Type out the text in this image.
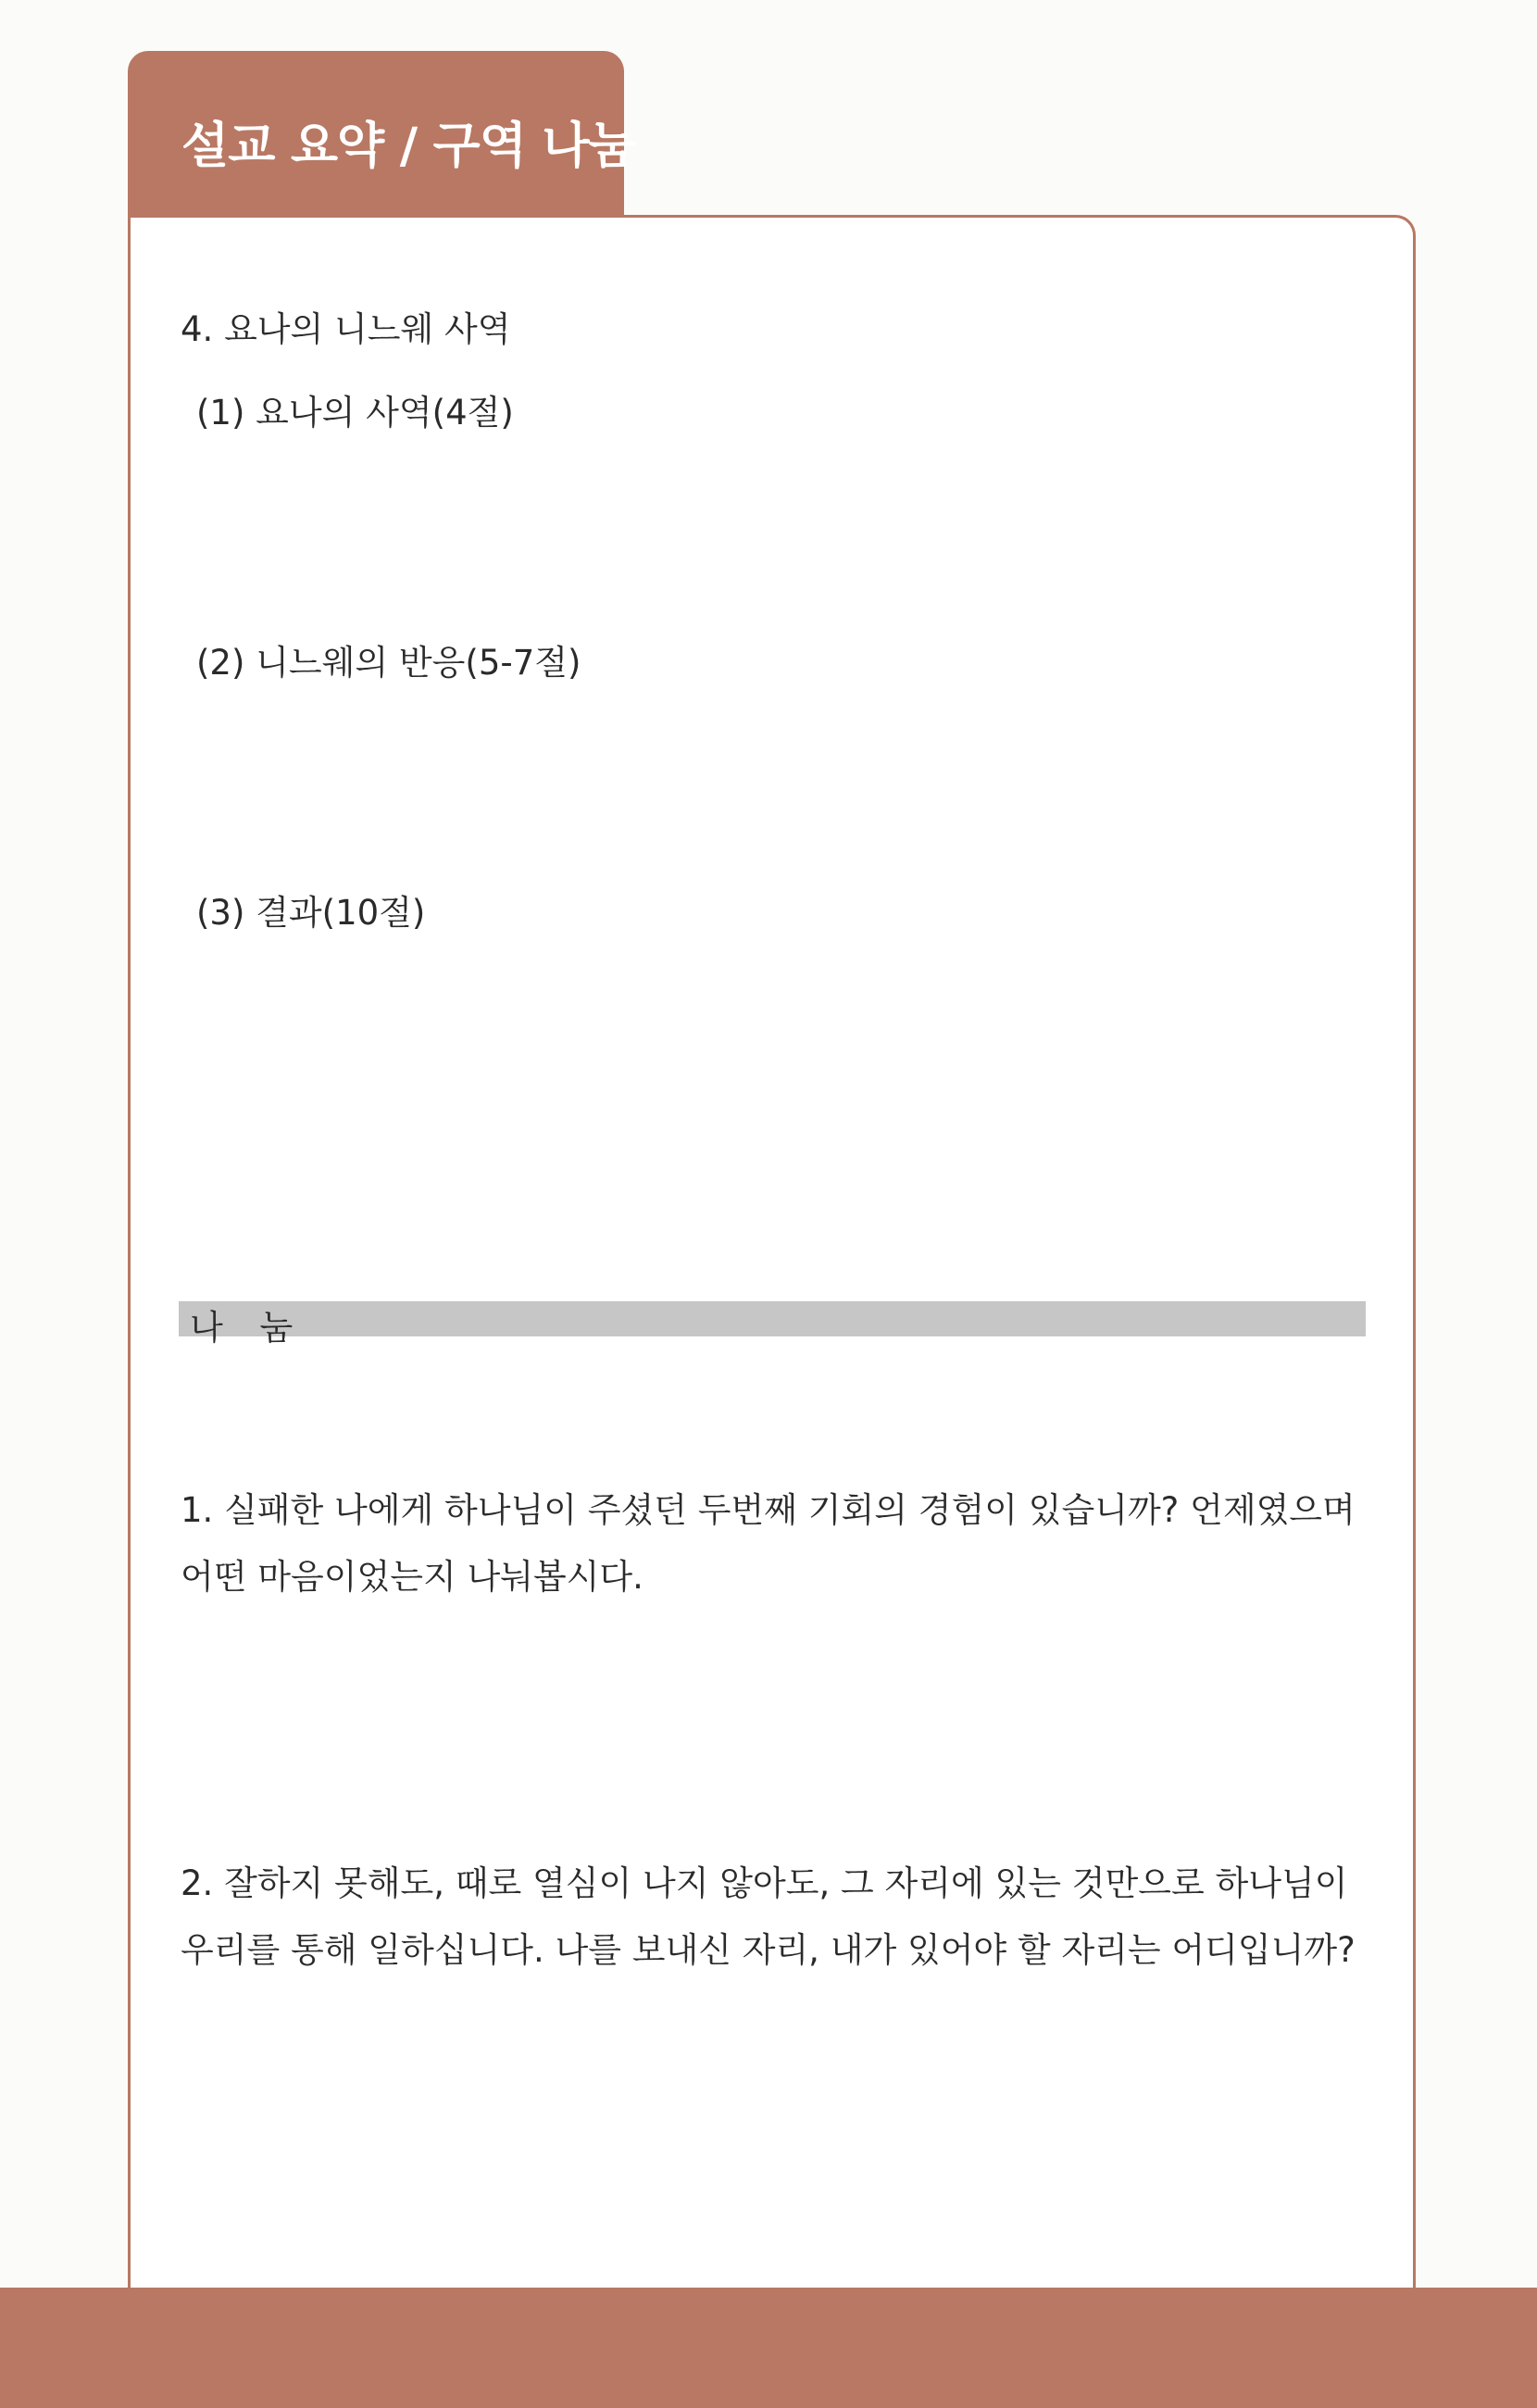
설교 요약 / 구역 나눔
4. 요나의 니느웨 사역
(1) 요나의 사역(4절)
(2) 니느웨의 반응(5-7절)
(3) 결과(10절)
나 눔
1. 실패한 나에게 하나님이 주셨던 두번째 기회의 경험이 있습니까? 언제였으며 어떤 마음이었는지 나눠봅시다.
2. 잘하지 못해도, 때로 열심이 나지 않아도, 그 자리에 있는 것만으로 하나님이 우리를 통해 일하십니다. 나를 보내신 자리, 내가 있어야 할 자리는 어디입니까?
